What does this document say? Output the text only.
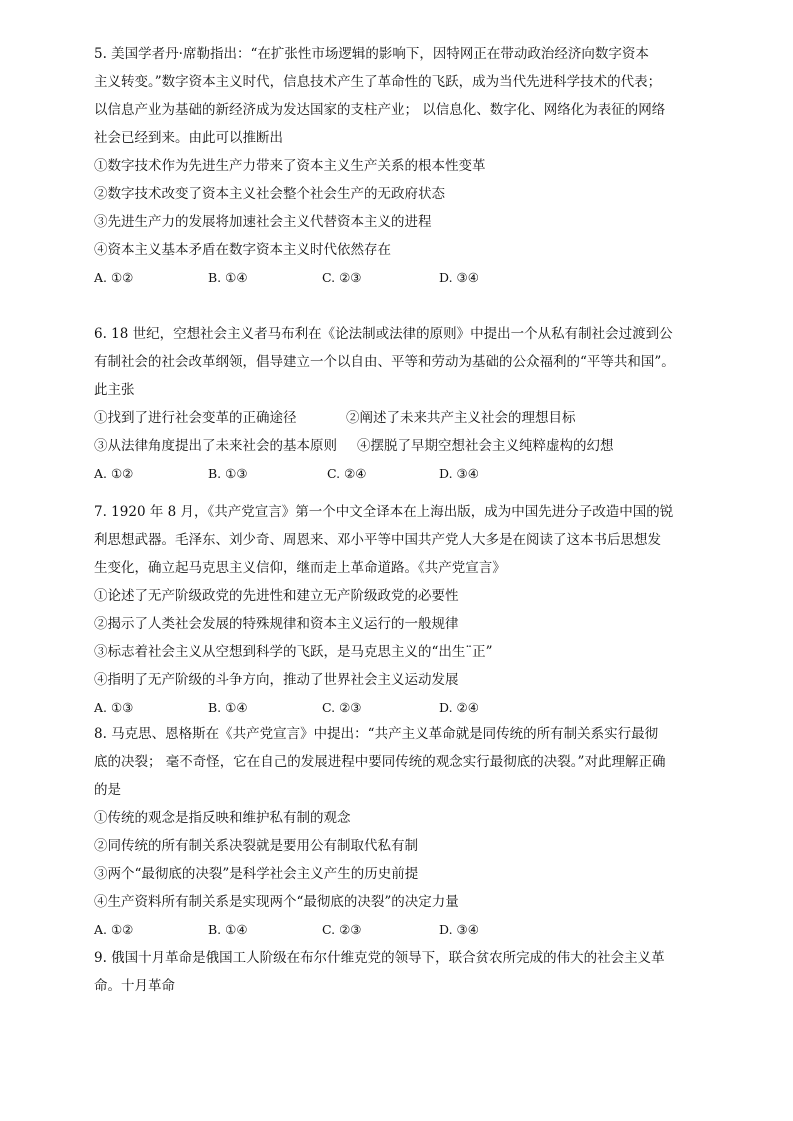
5. 美国学者丹·席勒指出：“在扩张性市场逻辑的影响下，因特网正在带动政治经济向数字资本
主义转变。”数字资本主义时代，信息技术产生了革命性的飞跃，成为当代先进科学技术的代表；
以信息产业为基础的新经济成为发达国家的支柱产业； 以信息化、数字化、网络化为表征的网络
社会已经到来。由此可以推断出
①数字技术作为先进生产力带来了资本主义生产关系的根本性变革
②数字技术改变了资本主义社会整个社会生产的无政府状态
③先进生产力的发展将加速社会主义代替资本主义的进程
④资本主义基本矛盾在数字资本主义时代依然存在
A. ①②	B. ①④	C. ②③	D. ③④
6. 18 世纪，空想社会主义者马布利在《论法制或法律的原则》中提出一个从私有制社会过渡到公
有制社会的社会改革纲领，倡导建立一个以自由、平等和劳动为基础的公众福利的“平等共和国”。
此主张
①找到了进行社会变革的正确途径	②阐述了未来共产主义社会的理想目标
③从法律角度提出了未来社会的基本原则 ④摆脱了早期空想社会主义纯粹虚构的幻想
A. ①②	B. ①③	C. ②④	D. ③④
7. 1920 年 8 月，《共产党宣言》第一个中文全译本在上海出版，成为中国先进分子改造中国的锐
利思想武器。毛泽东、刘少奇、周恩来、邓小平等中国共产党人大多是在阅读了这本书后思想发
生变化，确立起马克思主义信仰，继而走上革命道路。《共产党宣言》
①论述了无产阶级政党的先进性和建立无产阶级政党的必要性
②揭示了人类社会发展的特殊规律和资本主义运行的一般规律
③标志着社会主义从空想到科学的飞跃，是马克思主义的“出生¨正”
④指明了无产阶级的斗争方向，推动了世界社会主义运动发展
A. ①③	B. ①④	C. ②③	D. ②④
8. 马克思、恩格斯在《共产党宣言》中提出：“共产主义革命就是同传统的所有制关系实行最彻
底的决裂； 毫不奇怪，它在自己的发展进程中要同传统的观念实行最彻底的决裂。”对此理解正确
的是
①传统的观念是指反映和维护私有制的观念
②同传统的所有制关系决裂就是要用公有制取代私有制
③两个“最彻底的决裂”是科学社会主义产生的历史前提
④生产资料所有制关系是实现两个“最彻底的决裂”的决定力量
A. ①②	B. ①④	C. ②③	D. ③④
9. 俄国十月革命是俄国工人阶级在布尔什维克党的领导下，联合贫农所完成的伟大的社会主义革
命。十月革命
